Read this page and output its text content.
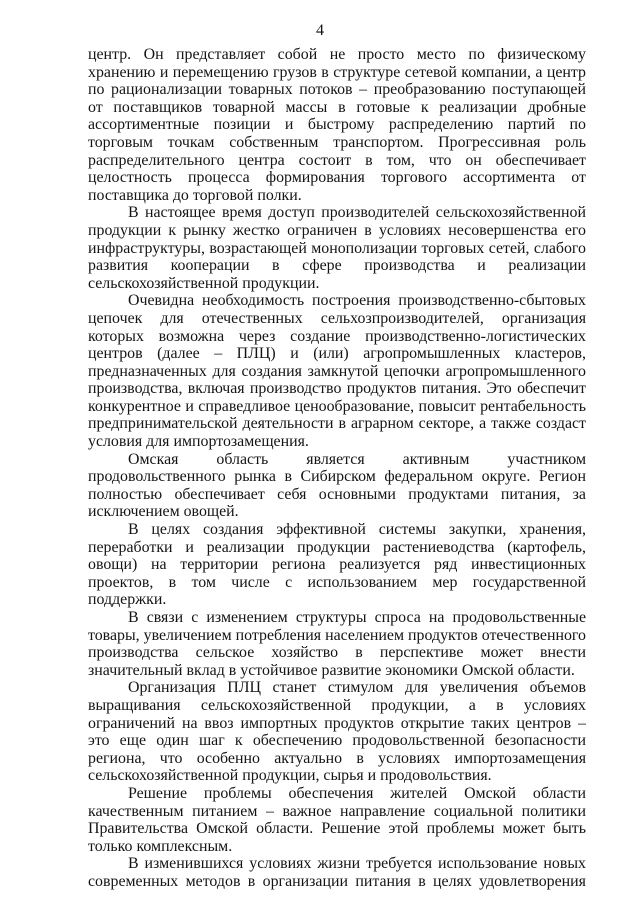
4

центр. Он представляет собой не просто место по физическому хранению и перемещению грузов в структуре сетевой компании, а центр по рационализации товарных потоков – преобразованию поступающей от поставщиков товарной массы в готовые к реализации дробные ассортиментные позиции и быстрому распределению партий по торговым точкам собственным транспортом. Прогрессивная роль распределительного центра состоит в том, что он обеспечивает целостность процесса формирования торгового ассортимента от поставщика до торговой полки.

В настоящее время доступ производителей сельскохозяйственной продукции к рынку жестко ограничен в условиях несовершенства его инфраструктуры, возрастающей монополизации торговых сетей, слабого развития кооперации в сфере производства и реализации сельскохозяйственной продукции.

Очевидна необходимость построения производственно-сбытовых цепочек для отечественных сельхозпроизводителей, организация которых возможна через создание производственно-логистических центров (далее – ПЛЦ) и (или) агропромышленных кластеров, предназначенных для создания замкнутой цепочки агропромышленного производства, включая производство продуктов питания. Это обеспечит конкурентное и справедливое ценообразование, повысит рентабельность предпринимательской деятельности в аграрном секторе, а также создаст условия для импортозамещения.

Омская область является активным участником продовольственного рынка в Сибирском федеральном округе. Регион полностью обеспечивает себя основными продуктами питания, за исключением овощей.

В целях создания эффективной системы закупки, хранения, переработки и реализации продукции растениеводства (картофель, овощи) на территории региона реализуется ряд инвестиционных проектов, в том числе с использованием мер государственной поддержки.

В связи с изменением структуры спроса на продовольственные товары, увеличением потребления населением продуктов отечественного производства сельское хозяйство в перспективе может внести значительный вклад в устойчивое развитие экономики Омской области.

Организация ПЛЦ станет стимулом для увеличения объемов выращивания сельскохозяйственной продукции, а в условиях ограничений на ввоз импортных продуктов открытие таких центров – это еще один шаг к обеспечению продовольственной безопасности региона, что особенно актуально в условиях импортозамещения сельскохозяйственной продукции, сырья и продовольствия.

Решение проблемы обеспечения жителей Омской области качественным питанием – важное направление социальной политики Правительства Омской области. Решение этой проблемы может быть только комплексным.

В изменившихся условиях жизни требуется использование новых современных методов в организации питания в целях удовлетворения
